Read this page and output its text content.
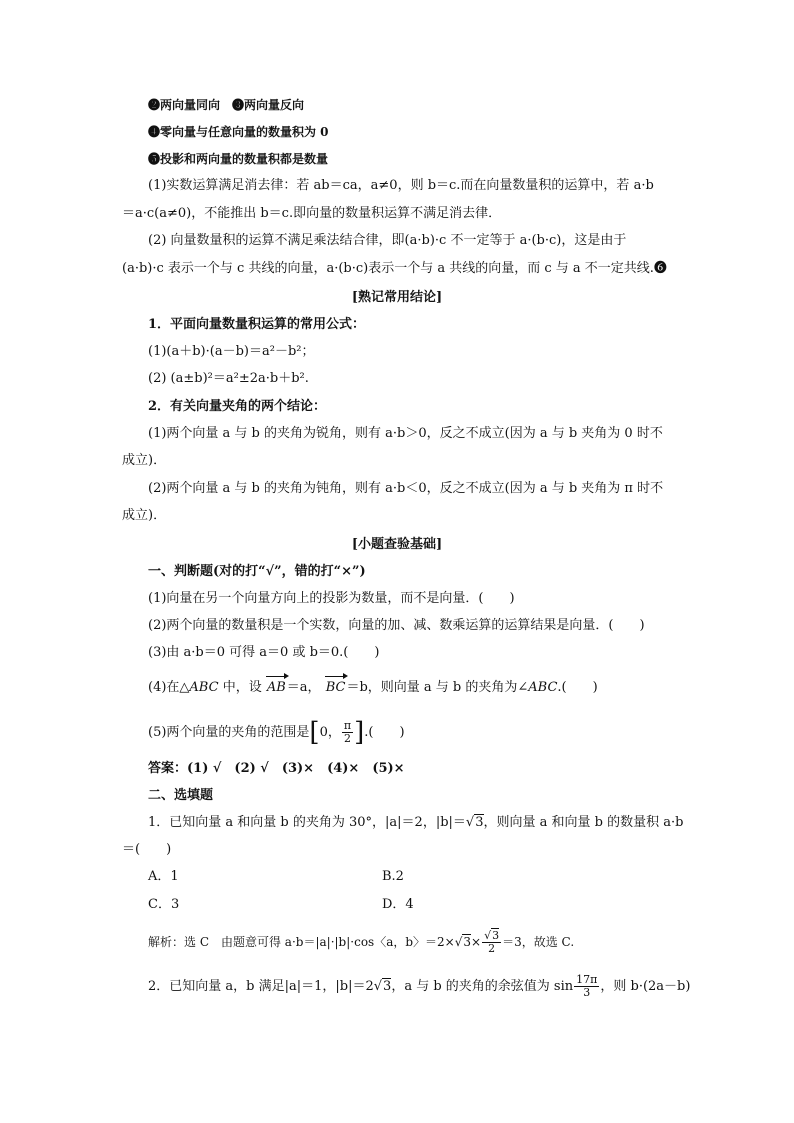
❷两向量同向　❸两向量反向
❹零向量与任意向量的数量积为 0
❺投影和两向量的数量积都是数量
(1)实数运算满足消去律：若 ab＝ca，a≠0，则 b＝c.而在向量数量积的运算中，若 a·b
＝a·c(a≠0)，不能推出 b＝c.即向量的数量积运算不满足消去律．
(2) 向量数量积的运算不满足乘法结合律，即(a·b)·c 不一定等于 a·(b·c)，这是由于
(a·b)·c 表示一个与 c 共线的向量，a·(b·c)表示一个与 a 共线的向量，而 c 与 a 不一定共线.❻
[熟记常用结论]
1．平面向量数量积运算的常用公式：
(1)(a＋b)·(a－b)＝a²－b²；
(2) (a±b)²＝a²±2a·b＋b².
2．有关向量夹角的两个结论：
(1)两个向量 a 与 b 的夹角为锐角，则有 a·b＞0，反之不成立(因为 a 与 b 夹角为 0 时不
成立)．
(2)两个向量 a 与 b 的夹角为钝角，则有 a·b＜0，反之不成立(因为 a 与 b 夹角为 π 时不
成立)．
[小题查验基础]
一、判断题(对的打“√”，错的打“×”)
(1)向量在另一个向量方向上的投影为数量，而不是向量．(　　)
(2)两个向量的数量积是一个实数，向量的加、减、数乘运算的运算结果是向量．(　　)
(3)由 a·b＝0 可得 a＝0 或 b＝0.(　　)
(4)在△ABC 中，设 AB＝a， BC＝b，则向量 a 与 b 的夹角为∠ABC.(　　)
(5)两个向量的夹角的范围是[0， $\frac{\pi}{2}$ ].(　　)
答案：(1) √　(2) √　(3)×　(4)×　(5)×
二、选填题
1．已知向量 a 和向量 b 的夹角为 30°，|a|＝2，|b|＝√3，则向量 a 和向量 b 的数量积 a·b
＝(　　)
A．1	B.2
C．3	D．4
解析：选 C　由题意可得 a·b＝|a|·|b|·cos〈a，b〉$=2\times√3\times \frac{√3}{2} =3$，故选 C.
2．已知向量 a，b 满足|a|＝1，|b|＝2√3，a 与 b 的夹角的余弦值为 $\sin \frac{17\pi}{3}$ ，则 b·(2a－b)
